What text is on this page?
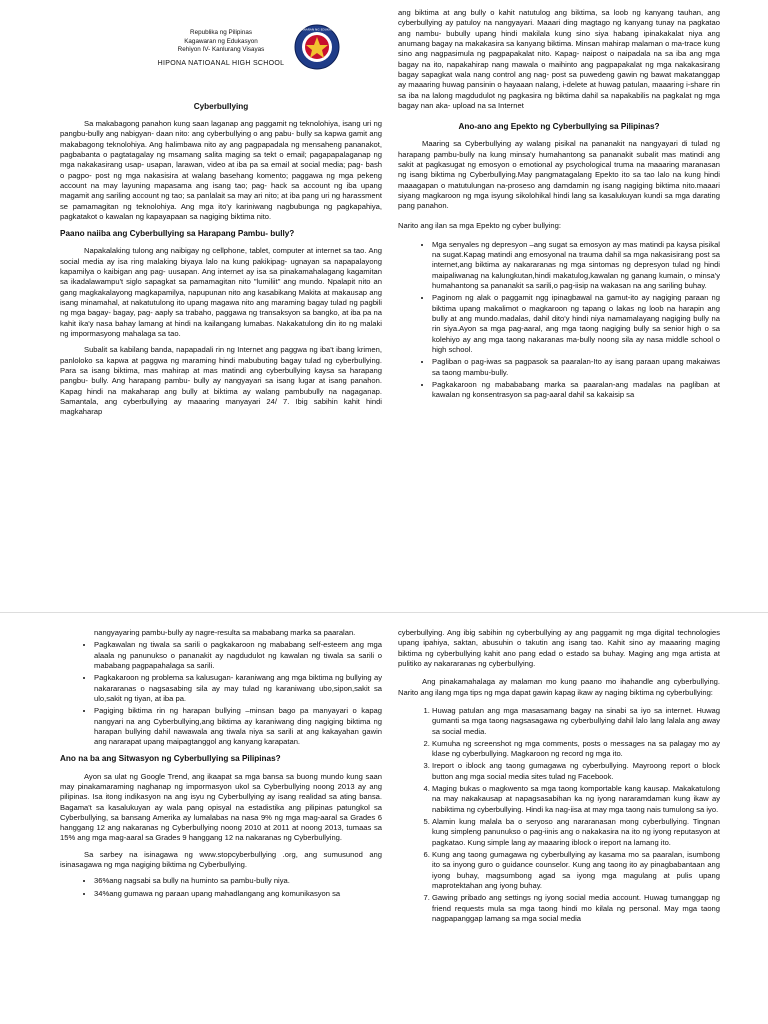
Republika ng Pilipinas
Kagawaran ng Edukasyon
Rehiyon IV- Kanlurang Visayas
HIPONA NATIOANAL HIGH SCHOOL
Cyberbullying

Sa makabagong panahon kung saan laganap ang paggamit ng teknolohiya, isang uri ng pangbu-bully ang nabigyan- daan nito: ang cyberbullying o ang pabu- bully sa kapwa gamit ang makabagong teknolohiya. Ang halimbawa nito ay ang pagpapadala ng mensaheng pananakot, pagbabanta o pagtatagalay ng msamang salita maging sa tekt o email; pagapapalaganap ng mga nakakasirang usap- usapan, larawan, video at iba pa sa email at social media; pag- bash o pagpo- post ng mga nakasisira at walang basehang komento; paggawa ng mga pekeng account na may layuning mapasama ang isang tao; pag- hack sa account ng iba upang magamit ang sariling account ng tao; sa panlalait sa may ari nito; at iba pang uri ng harassment se pamamagitan ng teknolohiya. Ang mga ito'y kariniwang nagbubunga ng pagkapahiya, pagkatakot o kawalan ng kapayapaan sa nagiging biktima nito.

Paano naiiba ang Cyberbullying sa Harapang Pambu- bully?

Napakalaking tulong ang naibigay ng cellphone, tablet, computer at internet sa tao. Ang social media ay isa ring malaking biyaya lalo na kung pakikipag- ugnayan sa napapalayong kapamilya o kaibigan ang pag- uusapan. Ang internet ay isa sa pinakamahalagang kagamitan sa ikadalawampu't siglo sapagkat sa pamamagitan nito "lumiliit" ang mundo. Npalapit nito an gang magkakalayong magkapamilya, napupunan nito ang kasabikang Makita at makausap ang isang minamahal, at nakatutulong ito upang magawa nito ang maraming bagay tulad ng pagbili ng mga bagay- bagay, pag- aaply sa trabaho, paggawa ng transaksyon sa bangko, at iba pa na kahit ika'y nasa bahay lamang at hindi na kailangang lumabas. Nakakatulong din ito ng malaki ng impormasyong mahalaga sa tao.

Subalit sa kabilang banda, napapadali rin ng Internet ang paggwa ng iba't ibang krimen, panloloko sa kapwa at paggwa ng maraming hindi mabubuting bagay tulad ng cyberbullying. Para sa isang biktima, mas mahirap at mas matindi ang cyberbullying kaysa sa harapang pangbu- bully. Ang harapang pambu- bully ay nangyayari sa isang lugar at isang panahon. Kapag hindi na makaharap ang bully at biktima ay walang pambubully na nagaganap. Samantala, ang cyberbullying ay maaaring manyayari 24/ 7. Ibig sabihin kahit hindi magkaharap

KAGAWARAN NG EDUKASYON

ang biktima at ang bully o kahit natutulog ang biktima, sa loob ng kanyang tauhan, ang cyberbullying ay patuloy na nangyayari. Maaari ding magtago ng kanyang tunay na pagkatao ang nambu- bubully upang hindi makilala kung sino siya habang ipinakakalat niya ang anumang bagay na makakasira sa kanyang biktima. Minsan mahirap malaman o ma-trace kung sino ang nagpasimula ng pagpapakalat nito. Kapag- naipost o naipadala na sa iba ang mga bagay na ito, napakahirap nang mawala o maihinto ang pagpapakalat ng mga nakakasirang bagay sapagkat wala nang control ang nag- post sa puwedeng gawin ng bawat makatanggap ay maaaring huwag pansinin o hayaaan nalang, i-delete at huwag patulan, maaaring i-share rin sa iba na lalong magdudulot ng pagkasira ng biktima dahil sa napakabilis na pagkalat ng mga bagay nan aka- upload na sa Internet

Ano-ano ang Epekto ng Cyberbullying sa Pilipinas?

Maaring sa Cyberbullying ay walang pisikal na pananakit na nangyayari di tulad ng harapang pambu-bully na kung minsa'y humahantong sa pananakit subalit mas matindi ang sakit at pagkasugat ng emosyon o emotional ay psychological truma na maaaring maranasan ng isang biktima ng Cyberbullying.May pangmatagalang Epekto ito sa tao lalo na kung hindi maaagapan o matutulungan na-proseso ang damdamin ng isang nagiging biktima nito.maaari siyang magkaroon ng mga isyung sikolohikal hindi lang sa kasalukuyan kundi sa mga darating pang panahon.

Narito ang ilan sa mga Epekto ng cyber bullying:

• Mga senyales ng depresyon –ang sugat sa emosyon ay mas matindi pa kaysa pisikal na sugat.Kapag matindi ang emosyonal na trauma dahil sa mga nakasisirang post sa internet,ang biktima ay nakararanas ng mga sintomas ng depresyon tulad ng hindi maipaliwanag na kalungkutan,hindi makatulog,kawalan ng ganang kumain, o minsa'y humahantong sa pananakit sa sarili,o pag-iisip na wakasan na ang sariling buhay.
• Paginom ng alak o paggamit ngg ipinagbawal na gamut-ito ay nagiging paraan ng biktima upang makalimot o magkaroon ng tapang o lakas ng loob na harapin ang bully at ang mundo.madalas, dahil dito'y hindi niya namamalayang nagiging bully na rin siya.Ayon sa mga pag-aaral, ang mga taong nagiging bully sa senior high o sa kolehiyo ay ang mga taong nakaranas ma-bully noong sila ay nasa middle school o high school.
• Pagliban o pag-iwas sa pagpasok sa paaralan-Ito ay isang paraan upang makaiwas sa taong mambu-bully.
• Pagkakaroon ng mabababang marka sa paaralan-ang madalas na pagliban at kawalan ng konsentrasyon sa pag-aaral dahil sa kakaisip sa

nangyayaring pambu-bully ay nagre-resulta sa mababang marka sa paaralan.

• Pagkawalan ng tiwala sa sarili o pagkakaroon ng mababang self-esteem ang mga alaala ng panunukso o pananakit ay nagdudulot ng kawalan ng tiwala sa sarili o mababang pagpapahalaga sa sarili.
• Pagkakaroon ng problema sa kalusugan- karaniwang ang mga biktima ng bullying ay nakararanas o nagsasabing sila ay may tulad ng karaniwang ubo,sipon,sakit sa ulo,sakit ng tiyan, at iba pa.
• Pagiging biktima rin ng harapan bullying –minsan bago pa manyayari o kapag nangyari na ang Cyberbullying,ang biktima ay karaniwang ding nagiging biktima ng harapan bullying dahil nawawala ang tiwala niya sa sarili at ang kakayahan gawin ang nararapat upang maipagtanggol ang kanyang karapatan.
Ano na ba ang Sitwasyon ng Cyberbullying sa Pilipinas?

Ayon sa ulat ng Google Trend, ang ikaapat sa mga bansa sa buong mundo kung saan may pinakamaraming naghanap ng impormasyon ukol sa Cyberbullying noong 2013 ay ang pilipinas. Isa itong indikasyon na ang isyu ng Cyberbullying ay isang realidad sa ating bansa. Bagama't sa kasalukuyan ay wala pang opisyal na estadistika ang pilipinas patungkol sa Cyberbullying, sa bansang Amerika ay lumalabas na nasa 9% ng mga mag-aaral sa Grades 6 hanggang 12 ang nakaranas ng Cyberbullying noong 2010 at 2011 at noong 2013, tumaas sa 15% ang mga mag-aaral sa Grades 9 hanggang 12 na nakaranas ng Cyberbullying.

Sa sarbey na isinagawa ng www.stopcyberbullying .org, ang sumusunod ang isinasagawa ng mga nagiging biktima ng Cyberbullying.

• 36%ang nagsabi sa bully na huminto sa pambu-bully niya.
• 34%ang gumawa ng paraan upang mahadlangang ang komunikasyon sa

cyberbullying. Ang ibig sabihin ng cyberbullying ay ang paggamit ng mga digital technologies upang ipahiya, saktan, abusuhin o takutin ang isang tao. Kahit sino ay maaaring maging biktima ng cyberbullying kahit ano pang edad o estado sa buhay. Maging ang mga artista at pulitiko ay nakararanas ng cyberbullying.

Ang pinakamahalaga ay malaman mo kung paano mo ihahandle ang cyberbullying. Narito ang ilang mga tips ng mga dapat gawin kapag ikaw ay naging biktima ng cyberbullying:

1. Huwag patulan ang mga masasamang bagay na sinabi sa iyo sa internet. Huwag gumanti sa mga taong nagsasagawa ng cyberbullying dahil lalo lang lalala ang away sa social media.
2. Kumuha ng screenshot ng mga comments, posts o messages na sa palagay mo ay klase ng cyberbullying. Magkaroon ng record ng mga ito.
3. Ireport o iblock ang taong gumagawa ng cyberbullying. Mayroong report o block button ang mga social media sites tulad ng Facebook.
4. Maging bukas o magkwento sa mga taong komportable kang kausap. Makakatulong na may nakakausap at napagsasabihan ka ng iyong nararamdaman kung ikaw ay nabiktima ng cyberbullying. Hindi ka nag-iisa at may mga taong nais tumulong sa iyo.
5. Alamin kung malala ba o seryoso ang nararanasan mong cyberbullying. Tingnan kung simpleng panunukso o pag-iinis ang o nakakasira na ito ng iyong reputasyon at pagkatao. Kung simple lang ay maaaring iblock o ireport na lamang ito.
6. Kung ang taong gumagawa ng cyberbullying ay kasama mo sa paaralan, isumbong ito sa inyong guro o guidance counselor. Kung ang taong ito ay pinagbabantaan ang iyong buhay, magsumbong agad sa iyong mga magulang at pulis upang maprotektahan ang iyong buhay.
7. Gawing pribado ang settings ng iyong social media account. Huwag tumanggap ng friend requests mula sa mga taong hindi mo kilala ng personal. May mga taong nagpapanggap lamang sa mga social media
